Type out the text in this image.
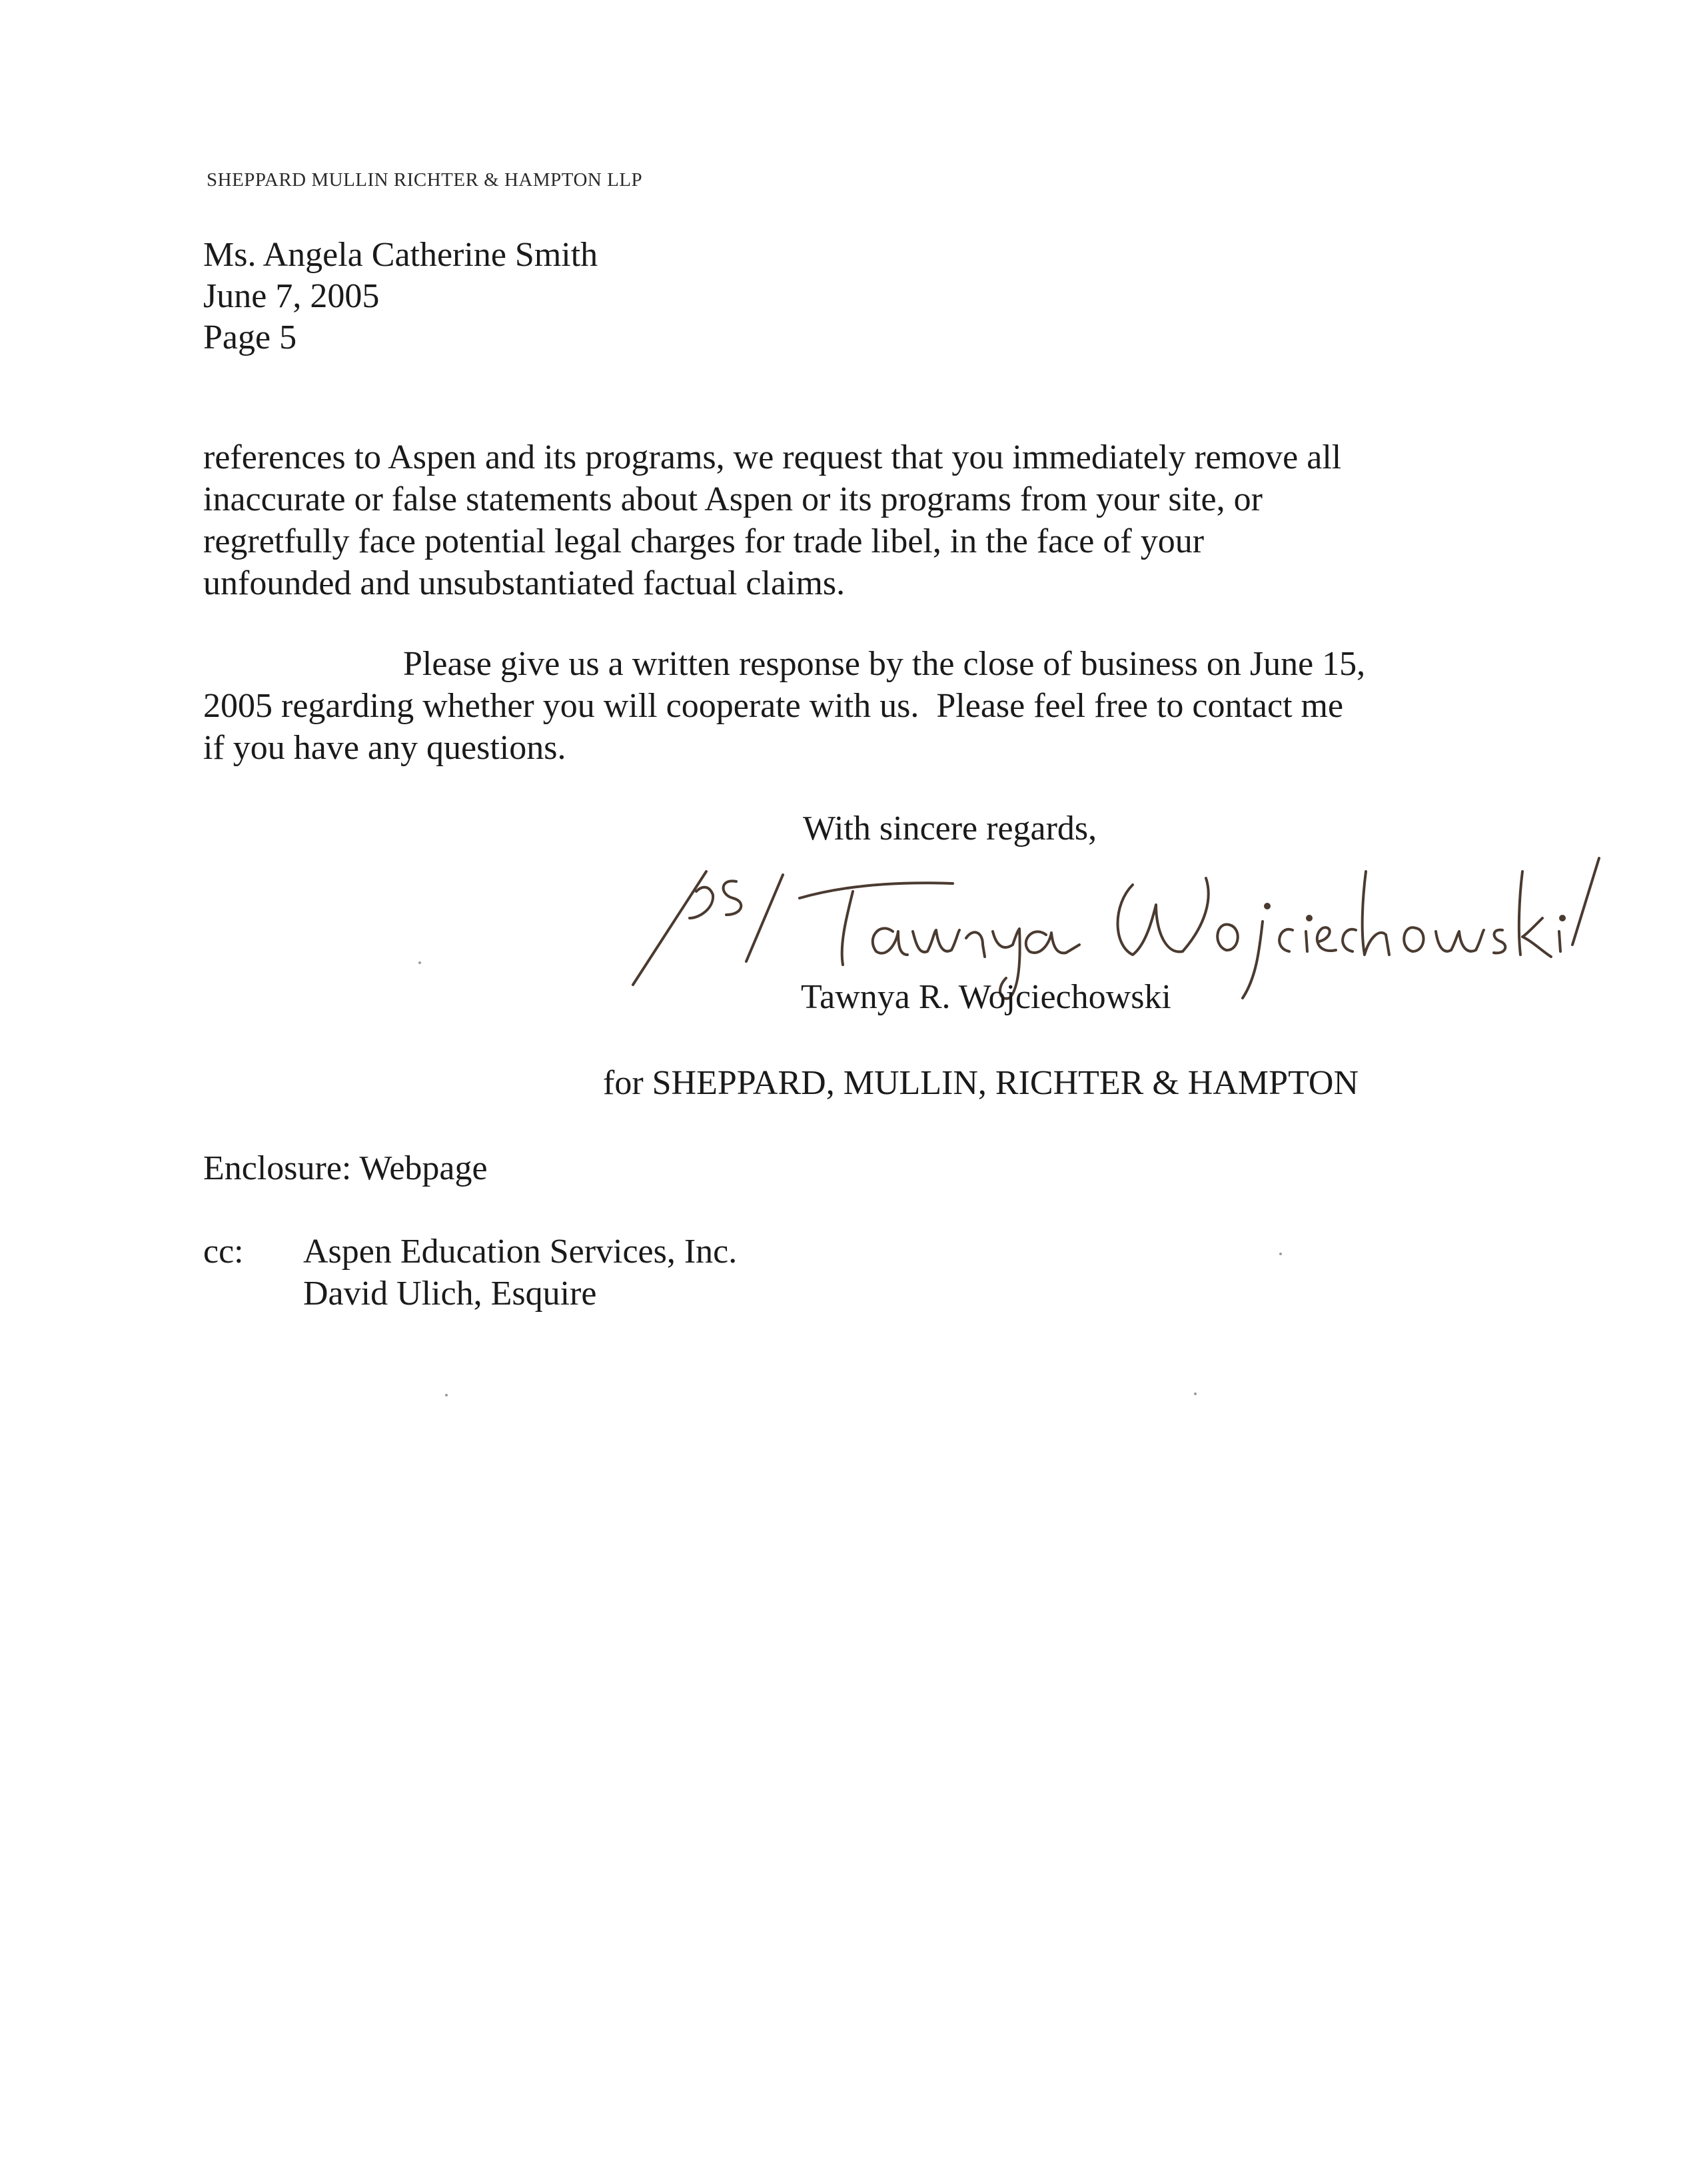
SHEPPARD MULLIN RICHTER & HAMPTON LLP
Ms. Angela Catherine Smith
June 7, 2005
Page 5
references to Aspen and its programs, we request that you immediately remove all
inaccurate or false statements about Aspen or its programs from your site, or
regretfully face potential legal charges for trade libel, in the face of your
unfounded and unsubstantiated factual claims.
Please give us a written response by the close of business on June 15,
2005 regarding whether you will cooperate with us.  Please feel free to contact me
if you have any questions.
With sincere regards,
Tawnya R. Wojciechowski
for SHEPPARD, MULLIN, RICHTER & HAMPTON
Enclosure: Webpage
cc: Aspen Education Services, Inc.
David Ulich, Esquire
